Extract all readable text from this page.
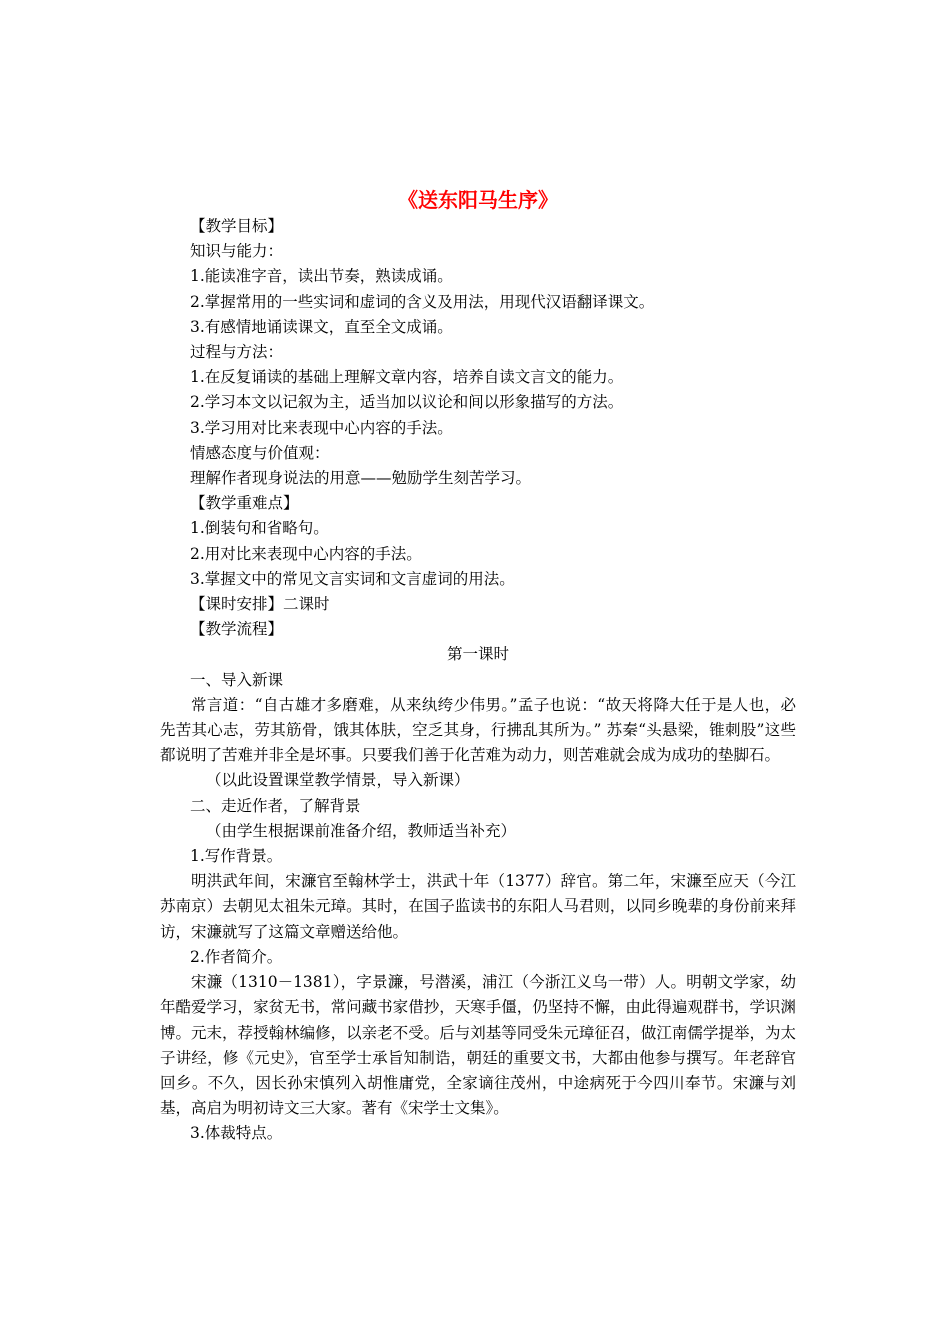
《送东阳马生序》
【教学目标】
知识与能力：
1.能读准字音，读出节奏，熟读成诵。
2.掌握常用的一些实词和虚词的含义及用法，用现代汉语翻译课文。
3.有感情地诵读课文，直至全文成诵。
过程与方法：
1.在反复诵读的基础上理解文章内容，培养自读文言文的能力。
2.学习本文以记叙为主，适当加以议论和间以形象描写的方法。
3.学习用对比来表现中心内容的手法。
情感态度与价值观：
理解作者现身说法的用意——勉励学生刻苦学习。
【教学重难点】
1.倒装句和省略句。
2.用对比来表现中心内容的手法。
3.掌握文中的常见文言实词和文言虚词的用法。
【课时安排】二课时
【教学流程】
第一课时
一、导入新课
常言道：“自古雄才多磨难，从来纨绔少伟男。”孟子也说：“故天将降大任于是人也，必先苦其心志，劳其筋骨，饿其体肤，空乏其身，行拂乱其所为。” 苏秦“头悬梁，锥刺股”这些都说明了苦难并非全是坏事。只要我们善于化苦难为动力，则苦难就会成为成功的垫脚石。
（以此设置课堂教学情景，导入新课）
二、走近作者，了解背景
（由学生根据课前准备介绍，教师适当补充）
1.写作背景。
明洪武年间，宋濂官至翰林学士，洪武十年（1377）辞官。第二年，宋濂至应天（今江苏南京）去朝见太祖朱元璋。其时，在国子监读书的东阳人马君则，以同乡晚辈的身份前来拜访，宋濂就写了这篇文章赠送给他。
2.作者简介。
宋濂（1310－1381），字景濂，号潜溪，浦江（今浙江义乌一带）人。明朝文学家，幼年酷爱学习，家贫无书，常问藏书家借抄，天寒手僵，仍坚持不懈，由此得遍观群书，学识渊博。元末，荐授翰林编修，以亲老不受。后与刘基等同受朱元璋征召，做江南儒学提举，为太子讲经，修《元史》，官至学士承旨知制诰，朝廷的重要文书，大都由他参与撰写。年老辞官回乡。不久，因长孙宋慎列入胡惟庸党，全家谪往茂州，中途病死于今四川奉节。宋濂与刘基，高启为明初诗文三大家。著有《宋学士文集》。
3.体裁特点。
